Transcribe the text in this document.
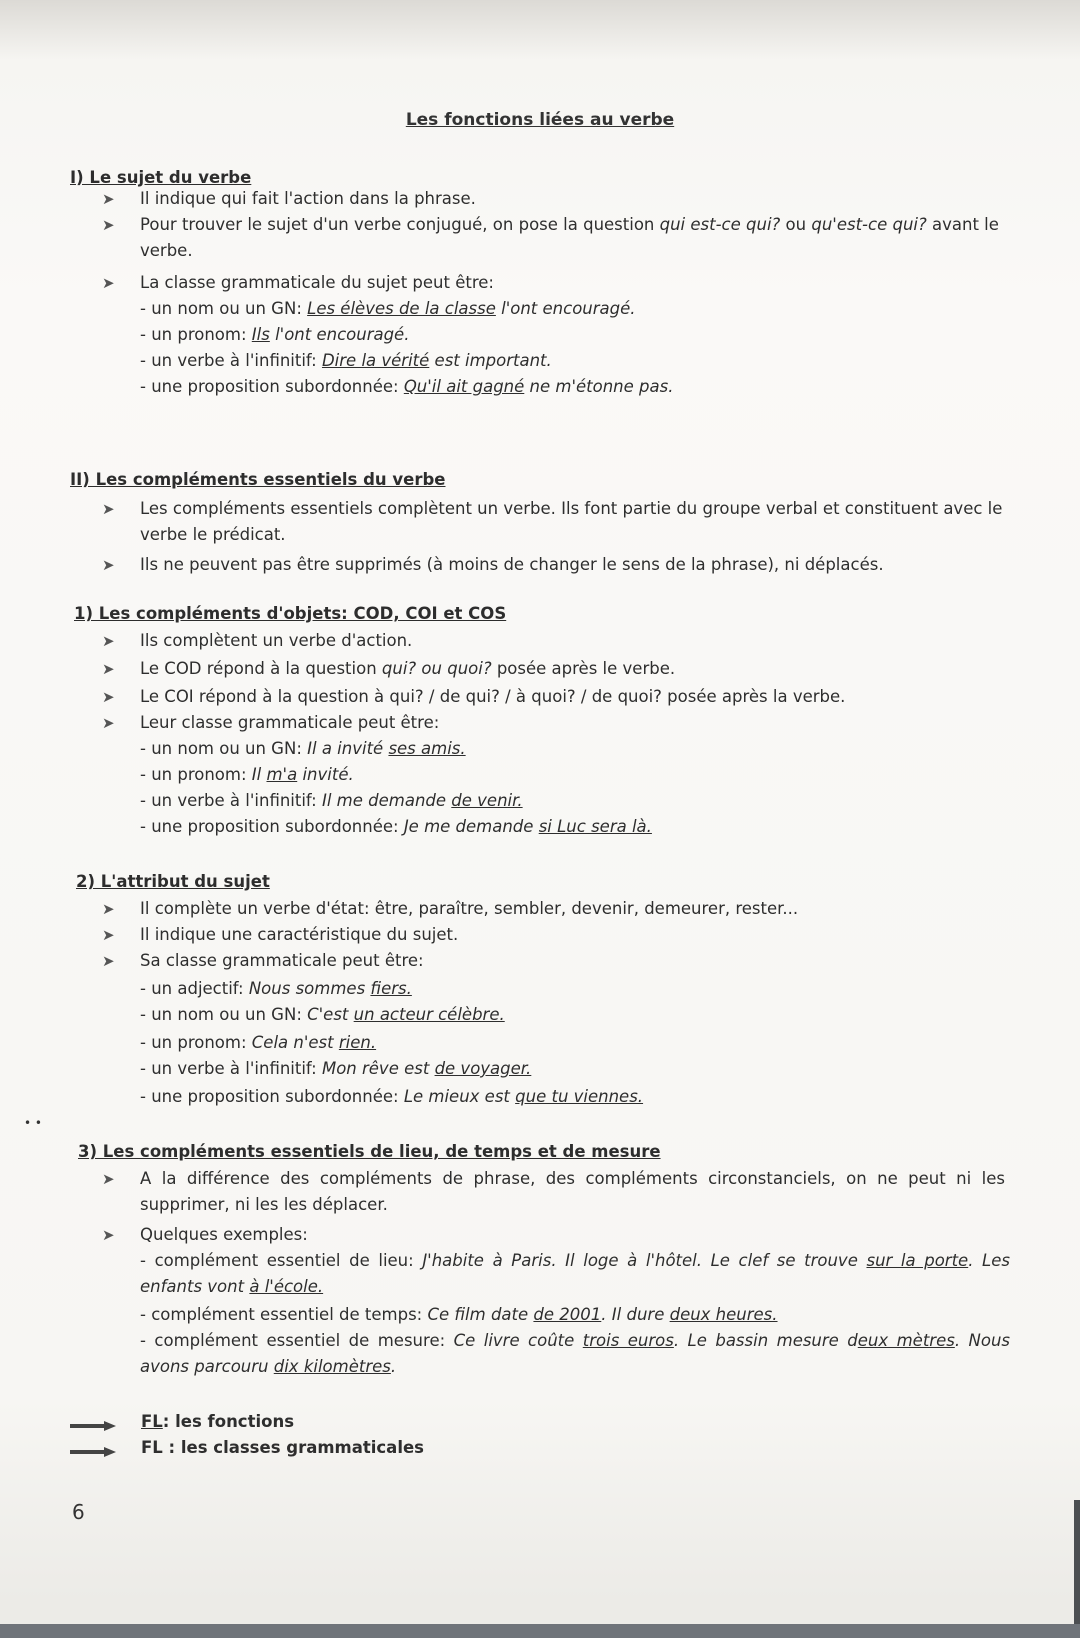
Les fonctions liées au verbe
I) Le sujet du verbe
➤	Il indique qui fait l'action dans la phrase.
➤	Pour trouver le sujet d'un verbe conjugué, on pose la question qui est-ce qui? ou qu'est-ce qui? avant le verbe.
➤	La classe grammaticale du sujet peut être:
- un nom ou un GN: Les élèves de la classe l'ont encouragé.
- un pronom: Ils l'ont encouragé.
- un verbe à l'infinitif: Dire la vérité est important.
- une proposition subordonnée: Qu'il ait gagné ne m'étonne pas.
II) Les compléments essentiels du verbe
➤	Les compléments essentiels complètent un verbe. Ils font partie du groupe verbal et constituent avec le verbe le prédicat.
➤	Ils ne peuvent pas être supprimés (à moins de changer le sens de la phrase), ni déplacés.
1) Les compléments d'objets: COD, COI et COS
➤	Ils complètent un verbe d'action.
➤	Le COD répond à la question qui? ou quoi? posée après le verbe.
➤	Le COI répond à la question à qui? / de qui? / à quoi? / de quoi? posée après la verbe.
➤	Leur classe grammaticale peut être:
- un nom ou un GN: Il a invité ses amis.
- un pronom: Il m'a invité.
- un verbe à l'infinitif: Il me demande de venir.
- une proposition subordonnée: Je me demande si Luc sera là.
2) L'attribut du sujet
➤	Il complète un verbe d'état: être, paraître, sembler, devenir, demeurer, rester...
➤	Il indique une caractéristique du sujet.
➤	Sa classe grammaticale peut être:
- un adjectif: Nous sommes fiers.
- un nom ou un GN: C'est un acteur célèbre.
- un pronom: Cela n'est rien.
- un verbe à l'infinitif: Mon rêve est de voyager.
- une proposition subordonnée: Le mieux est que tu viennes.
• •
3) Les compléments essentiels de lieu, de temps et de mesure
➤	A la différence des compléments de phrase, des compléments circonstanciels, on ne peut ni les supprimer, ni les les déplacer.
➤	Quelques exemples:
- complément essentiel de lieu: J'habite à Paris. Il loge à l'hôtel. Le clef se trouve sur la porte. Les enfants vont à l'école.
- complément essentiel de temps: Ce film date de 2001. Il dure deux heures.
- complément essentiel de mesure: Ce livre coûte trois euros. Le bassin mesure deux mètres. Nous avons parcouru dix kilomètres.
FL: les fonctions
FL : les classes grammaticales
6
